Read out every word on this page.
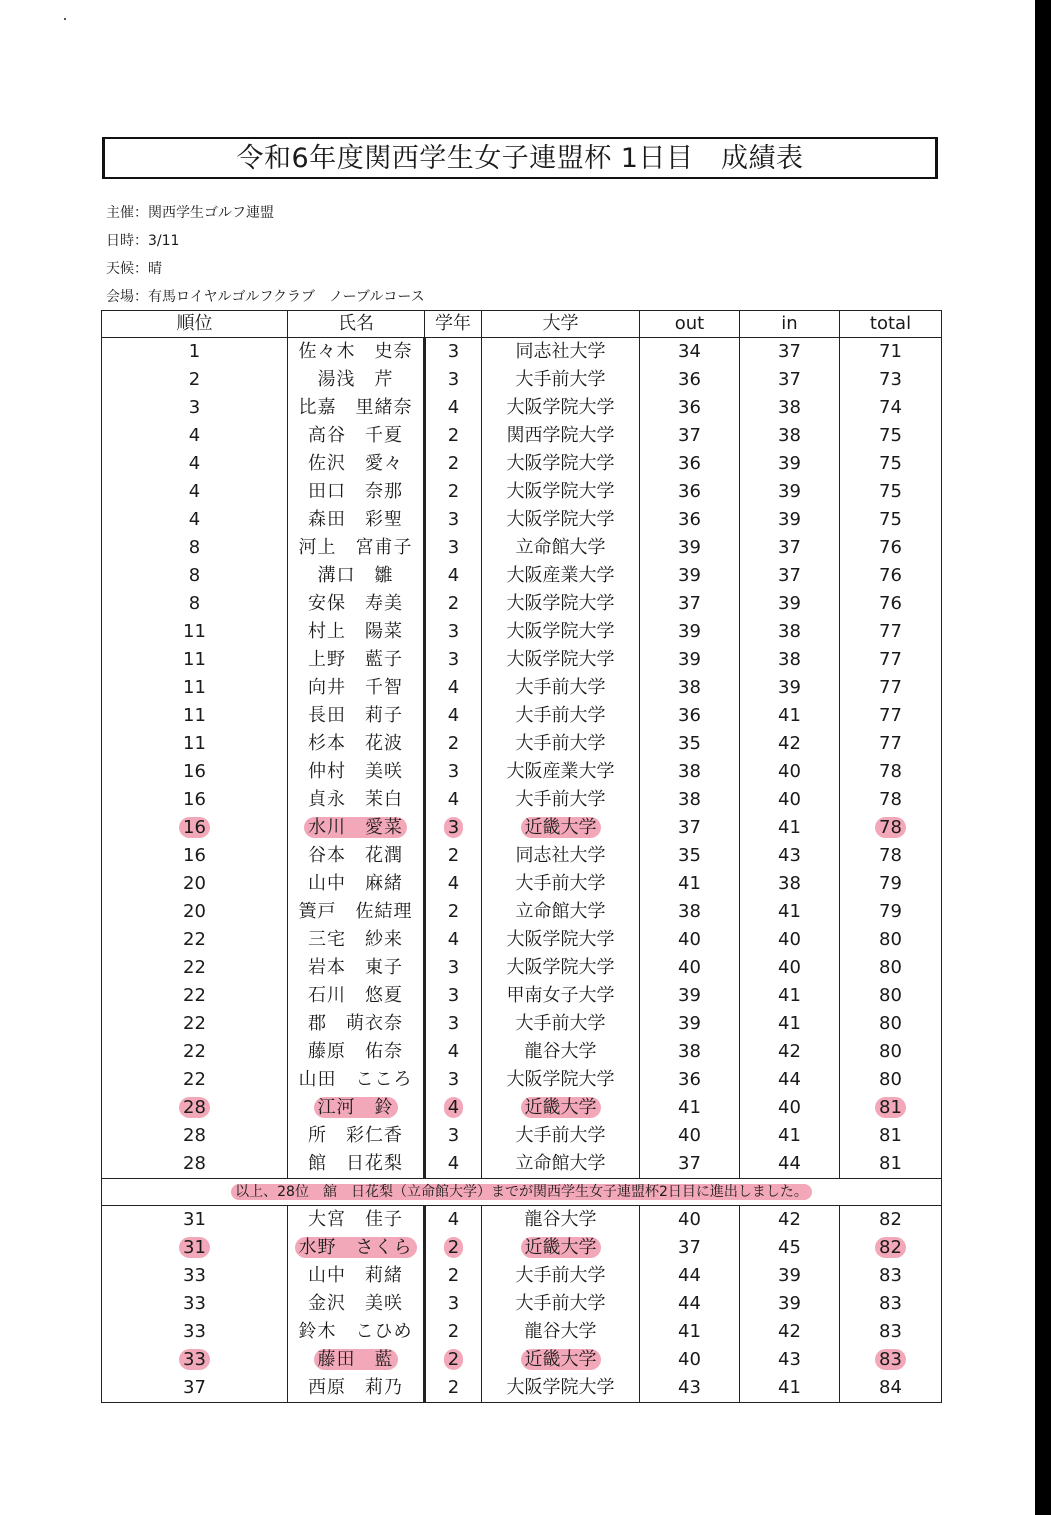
令和6年度関西学生女子連盟杯 1日目　成績表
主催：関西学生ゴルフ連盟
日時：3/11
天候：晴
会場：有馬ロイヤルゴルフクラブ　ノーブルコース
順位	氏名	学年	大学	out	in	total
1	佐々木　史奈	3	同志社大学	34	37	71
2	湯浅　芹	3	大手前大学	36	37	73
3	比嘉　里緒奈	4	大阪学院大学	36	38	74
4	高谷　千夏	2	関西学院大学	37	38	75
4	佐沢　愛々	2	大阪学院大学	36	39	75
4	田口　奈那	2	大阪学院大学	36	39	75
4	森田　彩聖	3	大阪学院大学	36	39	75
8	河上　宮甫子	3	立命館大学	39	37	76
8	溝口　雛	4	大阪産業大学	39	37	76
8	安保　寿美	2	大阪学院大学	37	39	76
11	村上　陽菜	3	大阪学院大学	39	38	77
11	上野　藍子	3	大阪学院大学	39	38	77
11	向井　千智	4	大手前大学	38	39	77
11	長田　莉子	4	大手前大学	36	41	77
11	杉本　花波	2	大手前大学	35	42	77
16	仲村　美咲	3	大阪産業大学	38	40	78
16	貞永　茉白	4	大手前大学	38	40	78
16	水川　愛菜	3	近畿大学	37	41	78
16	谷本　花潤	2	同志社大学	35	43	78
20	山中　麻緒	4	大手前大学	41	38	79
20	簀戸　佐結理	2	立命館大学	38	41	79
22	三宅　紗来	4	大阪学院大学	40	40	80
22	岩本　東子	3	大阪学院大学	40	40	80
22	石川　悠夏	3	甲南女子大学	39	41	80
22	郡　萌衣奈	3	大手前大学	39	41	80
22	藤原　佑奈	4	龍谷大学	38	42	80
22	山田　こころ	3	大阪学院大学	36	44	80
28	江河　鈴	4	近畿大学	41	40	81
28	所　彩仁香	3	大手前大学	40	41	81
28	館　日花梨	4	立命館大学	37	44	81
以上、28位　舘　日花梨（立命館大学）までが関西学生女子連盟杯2日目に進出しました。						
31	大宮　佳子	4	龍谷大学	40	42	82
31	水野　さくら	2	近畿大学	37	45	82
33	山中　莉緒	2	大手前大学	44	39	83
33	金沢　美咲	3	大手前大学	44	39	83
33	鈴木　こひめ	2	龍谷大学	41	42	83
33	藤田　藍	2	近畿大学	40	43	83
37	西原　莉乃	2	大阪学院大学	43	41	84
